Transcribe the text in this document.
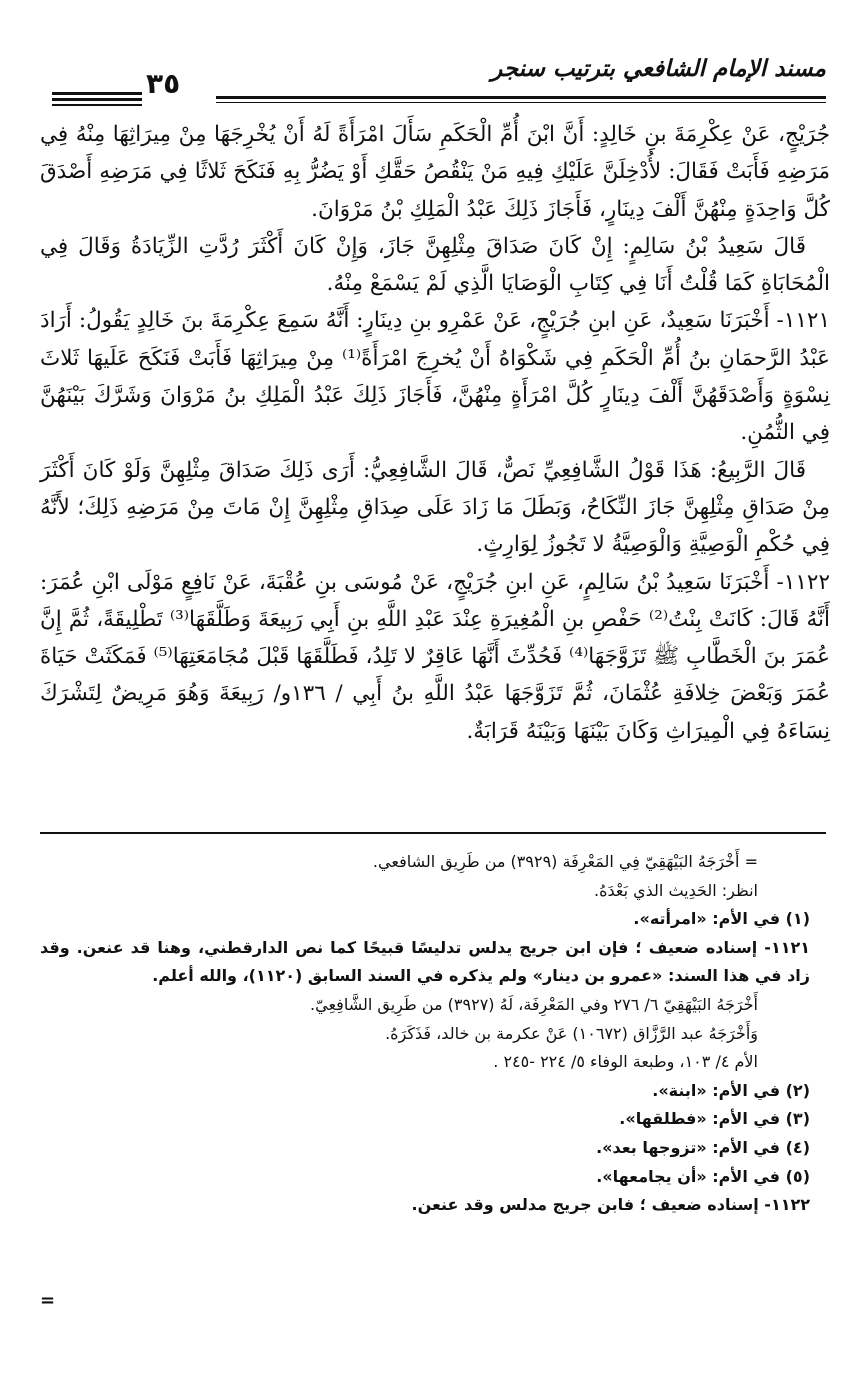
مسند الإمام الشافعي بترتيب سنجر
٣٥

جُرَيْجٍ، عَنْ عِكْرِمَةَ بنِ خَالِدٍ: أَنَّ ابْنَ أُمِّ الْحَكَمِ سَأَلَ امْرَأَةً لَهُ أَنْ يُخْرِجَهَا مِنْ مِيرَاثِهَا مِنْهُ فِي مَرَضِهِ فَأَبَتْ فَقَالَ: لأُدْخِلَنَّ عَلَيْكِ فِيهِ مَنْ يَنْقُصُ حَقَّكِ أَوْ يَضُرُّ بِهِ فَنَكَحَ ثَلاثًا فِي مَرَضِهِ أَصْدَقَ كُلَّ وَاحِدَةٍ مِنْهُنَّ أَلْفَ دِينَارٍ، فَأَجَازَ ذَلِكَ عَبْدُ الْمَلِكِ بْنُ مَرْوَانَ.

قَالَ سَعِيدُ بْنُ سَالِمٍ: إِنْ كَانَ صَدَاقَ مِثْلِهِنَّ جَازَ، وَإِنْ كَانَ أَكْثَرَ رُدَّتِ الزِّيَادَةُ وَقَالَ فِي الْمُحَابَاةِ كَمَا قُلْتُ أَنَا فِي كِتَابِ الْوَصَايَا الَّذِي لَمْ يَسْمَعْ مِنْهُ.

١١٢١- أَخْبَرَنَا سَعِيدٌ، عَنِ ابنِ جُرَيْجٍ، عَنْ عَمْرِو بنِ دِينَارٍ: أَنَّهُ سَمِعَ عِكْرِمَةَ بنَ خَالِدٍ يَقُولُ: أَرَادَ عَبْدُ الرَّحمَانِ بنُ أُمِّ الْحَكَمِ فِي شَكْوَاهُ أَنْ يُخرِجَ امْرَأَةً⁽¹⁾ مِنْ مِيرَاثِهَا فَأَبَتْ فَنَكَحَ عَلَيهَا ثَلاثَ نِسْوَةٍ وَأَصْدَقَهُنَّ أَلْفَ دِينَارٍ كُلَّ امْرَأَةٍ مِنْهُنَّ، فَأَجَازَ ذَلِكَ عَبْدُ الْمَلِكِ بنُ مَرْوَانَ وَشَرَّكَ بَيْنَهُنَّ فِي الثُّمُنِ.

قَالَ الرَّبِيعُ: هَذَا قَوْلُ الشَّافِعِيِّ نَصٌّ، قَالَ الشَّافِعِيُّ: أَرَى ذَلِكَ صَدَاقَ مِثْلِهِنَّ وَلَوْ كَانَ أَكْثَرَ مِنْ صَدَاقِ مِثْلِهِنَّ جَازَ النِّكَاحُ، وَبَطَلَ مَا زَادَ عَلَى صِدَاقِ مِثْلِهِنَّ إِنْ مَاتَ مِنْ مَرَضِهِ ذَلِكَ؛ لأَنَّهُ فِي حُكْمِ الْوَصِيَّةِ وَالْوَصِيَّةُ لا تَجُوزُ لِوَارِثٍ.

١١٢٢- أَخْبَرَنَا سَعِيدُ بْنُ سَالِمٍ، عَنِ ابنِ جُرَيْجٍ، عَنْ مُوسَى بنِ عُقْبَةَ، عَنْ نَافِعٍ مَوْلَى ابْنِ عُمَرَ: أَنَّهُ قَالَ: كَانَتْ بِنْتُ⁽²⁾ حَفْصِ بنِ الْمُغِيرَةِ عِنْدَ عَبْدِ اللَّهِ بنِ أَبِي رَبِيعَةَ وَطَلَّقَهَا⁽³⁾ تَطْلِيقَةً، ثُمَّ إِنَّ عُمَرَ بنَ الْخَطَّابِ ﷺ تَزَوَّجَهَا⁽⁴⁾ فَحُدِّثَ أَنَّهَا عَاقِرٌ لا تَلِدُ، فَطَلَّقَهَا قَبْلَ مُجَامَعَتِهَا⁽⁵⁾ فَمَكَثَتْ حَيَاةَ عُمَرَ وَبَعْضَ خِلافَةِ عُثْمَانَ، ثُمَّ تَزَوَّجَهَا عَبْدُ اللَّهِ بنُ أَبِي / ١٣٦و/ رَبِيعَةَ وَهُوَ مَرِيضٌ لِتَشْرَكَ نِسَاءَهُ فِي الْمِيرَاثِ وَكَانَ بَيْنَهَا وَبَيْنَهُ قَرَابَةٌ.

= أَخْرَجَهُ البَيْهَقِيّ فِي المَعْرِفَة (٣٩٢٩) من طَرِيق الشافعي.

انظر: الحَدِيث الذي بَعْدَهُ.

(١) في الأم: «امرأته».

١١٢١- إسناده ضعيف ؛ فإن ابن جريج يدلس تدليسًا قبيحًا كما نص الدارقطني، وهنا قد عنعن. وقد زاد في هذا السند: «عمرو بن دينار» ولم يذكره في السند السابق (١١٢٠)، والله أعلم.

أَخْرَجَهُ البَيْهَقِيّ ٦/ ٢٧٦ وفي المَعْرِفَة، لَهُ (٣٩٢٧) من طَرِيق الشَّافِعِيّ.

وَأَخْرَجَهُ عبد الرَّزَّاق (١٠٦٧٢) عَنْ عكرمة بن خالد، فَذَكَرَهُ.

الأم ٤/ ١٠٣، وطبعة الوفاء ٥/ ٢٢٤ -٢٤٥ .

(٢) في الأم: «ابنة».

(٣) في الأم: «فطلقها».

(٤) في الأم: «تزوجها بعد».

(٥) في الأم: «أن يجامعها».

١١٢٢- إسناده ضعيف ؛ فابن جريج مدلس وقد عنعن.

=
